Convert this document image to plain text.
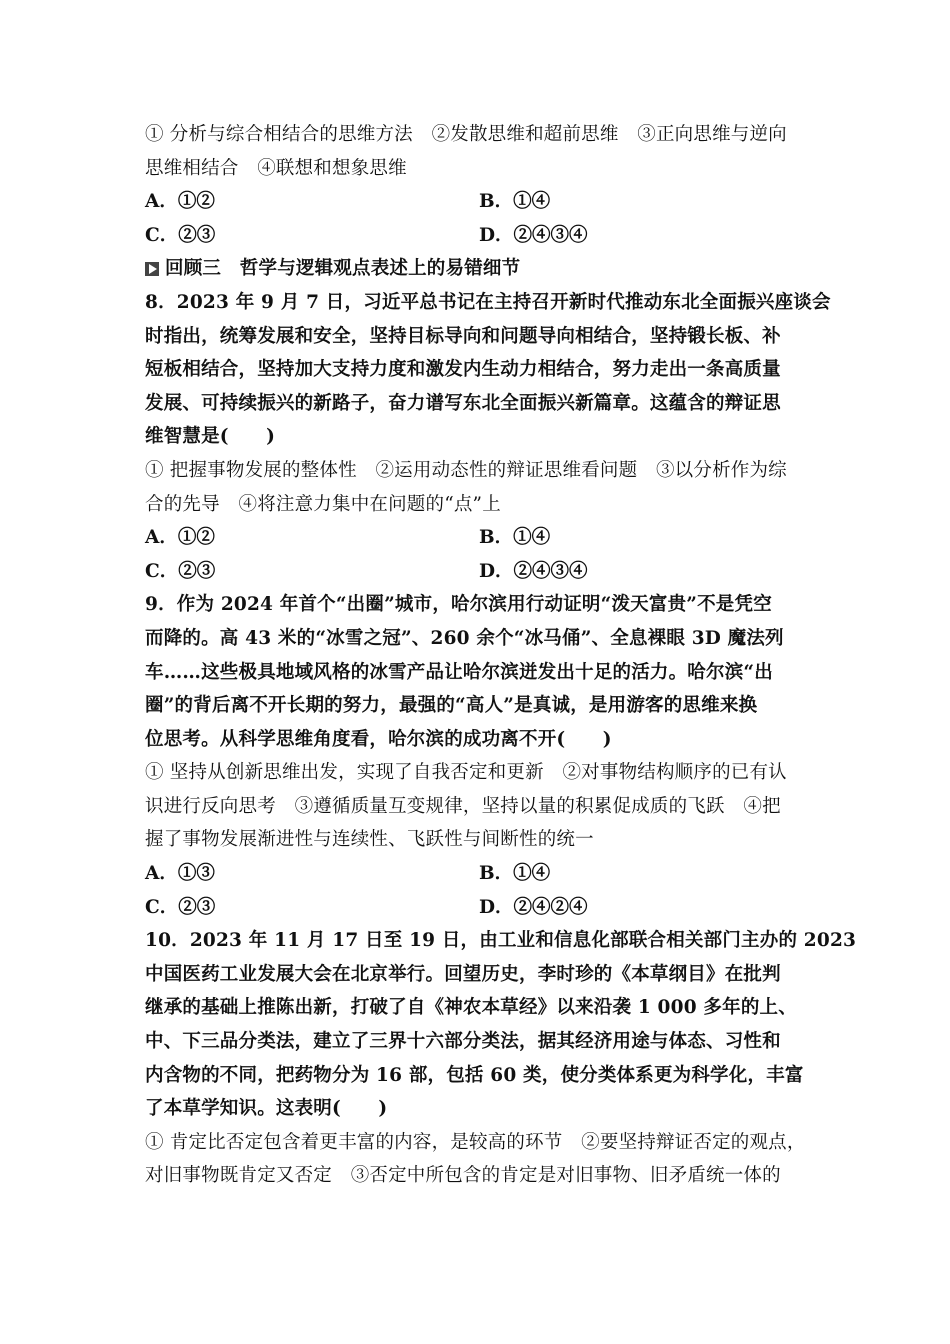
① 分析与综合相结合的思维方法　②发散思维和超前思维　③正向思维与逆向
思维相结合　④联想和想象思维
A．①②	B．①④
C．②③	D．②④③④
回顾三　哲学与逻辑观点表述上的易错细节
8．2023 年 9 月 7 日，习近平总书记在主持召开新时代推动东北全面振兴座谈会
时指出，统筹发展和安全，坚持目标导向和问题导向相结合，坚持锻长板、补
短板相结合，坚持加大支持力度和激发内生动力相结合，努力走出一条高质量
发展、可持续振兴的新路子，奋力谱写东北全面振兴新篇章。这蕴含的辩证思
维智慧是(　　)
① 把握事物发展的整体性　②运用动态性的辩证思维看问题　③以分析作为综
合的先导　④将注意力集中在问题的“点”上
A．①②	B．①④
C．②③	D．②④③④
9．作为 2024 年首个“出圈”城市，哈尔滨用行动证明“泼天富贵”不是凭空
而降的。高 43 米的“冰雪之冠”、260 余个“冰马俑”、全息裸眼 3D 魔法列
车……这些极具地域风格的冰雪产品让哈尔滨迸发出十足的活力。哈尔滨“出
圈”的背后离不开长期的努力，最强的“高人”是真诚，是用游客的思维来换
位思考。从科学思维角度看，哈尔滨的成功离不开(　　)
① 坚持从创新思维出发，实现了自我否定和更新　②对事物结构顺序的已有认
识进行反向思考　③遵循质量互变规律，坚持以量的积累促成质的飞跃　④把
握了事物发展渐进性与连续性、飞跃性与间断性的统一
A．①③	B．①④
C．②③	D．②④②④
10．2023 年 11 月 17 日至 19 日，由工业和信息化部联合相关部门主办的 2023
中国医药工业发展大会在北京举行。回望历史，李时珍的《本草纲目》在批判
继承的基础上推陈出新，打破了自《神农本草经》以来沿袭 1 000 多年的上、
中、下三品分类法，建立了三界十六部分类法，据其经济用途与体态、习性和
内含物的不同，把药物分为 16 部，包括 60 类，使分类体系更为科学化，丰富
了本草学知识。这表明(　　)
① 肯定比否定包含着更丰富的内容，是较高的环节　②要坚持辩证否定的观点，
对旧事物既肯定又否定　③否定中所包含的肯定是对旧事物、旧矛盾统一体的
